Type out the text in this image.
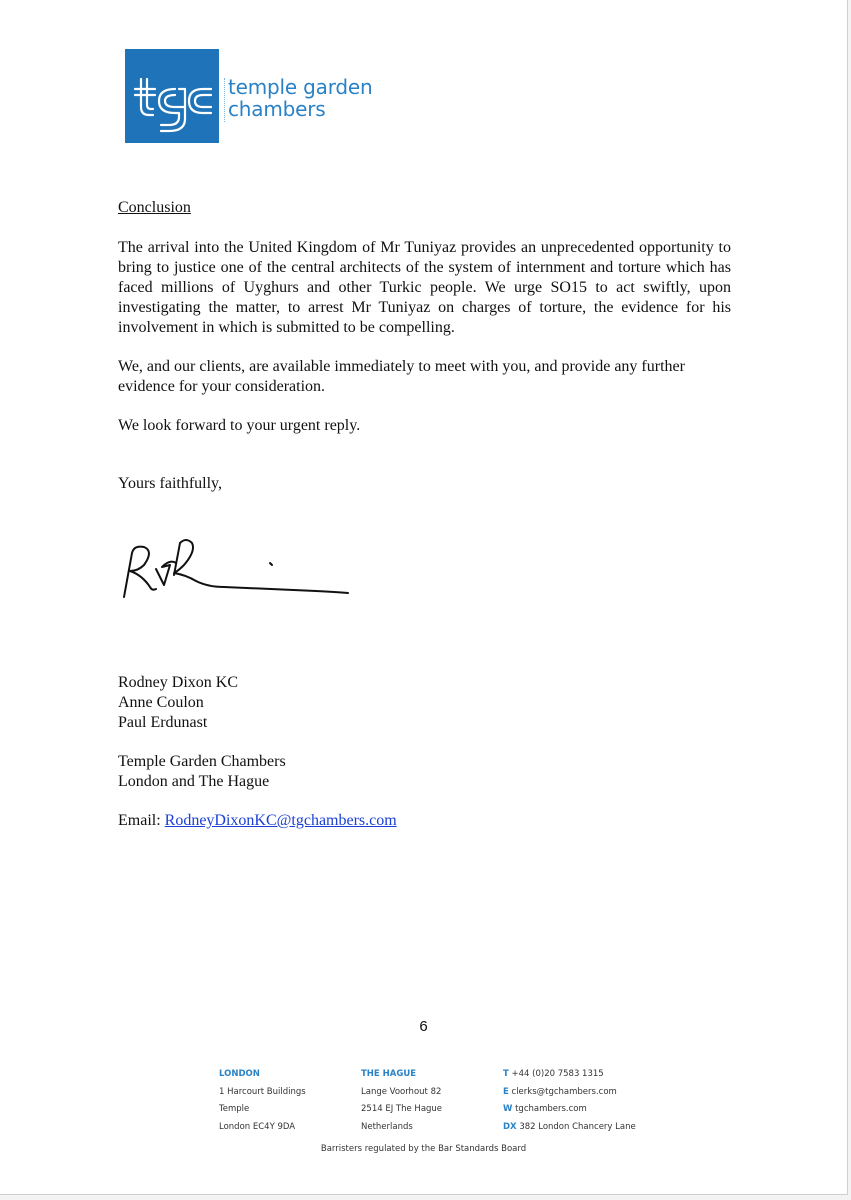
temple garden
chambers
Conclusion

The arrival into the United Kingdom of Mr Tuniyaz provides an unprecedented opportunity to bring to justice one of the central architects of the system of internment and torture which has faced millions of Uyghurs and other Turkic people. We urge SO15 to act swiftly, upon investigating the matter, to arrest Mr Tuniyaz on charges of torture, the evidence for his involvement in which is submitted to be compelling.

We, and our clients, are available immediately to meet with you, and provide any further evidence for your consideration.

We look forward to your urgent reply.

Yours faithfully,

Rodney Dixon KC
Anne Coulon
Paul Erdunast
Temple Garden Chambers
London and The Hague
Email: RodneyDixonKC@tgchambers.com
6
LONDON
1 Harcourt Buildings
Temple
London EC4Y 9DA
THE HAGUE
Lange Voorhout 82
2514 EJ The Hague
Netherlands
T +44 (0)20 7583 1315
E clerks@tgchambers.com
W tgchambers.com
DX 382 London Chancery Lane
Barristers regulated by the Bar Standards Board
